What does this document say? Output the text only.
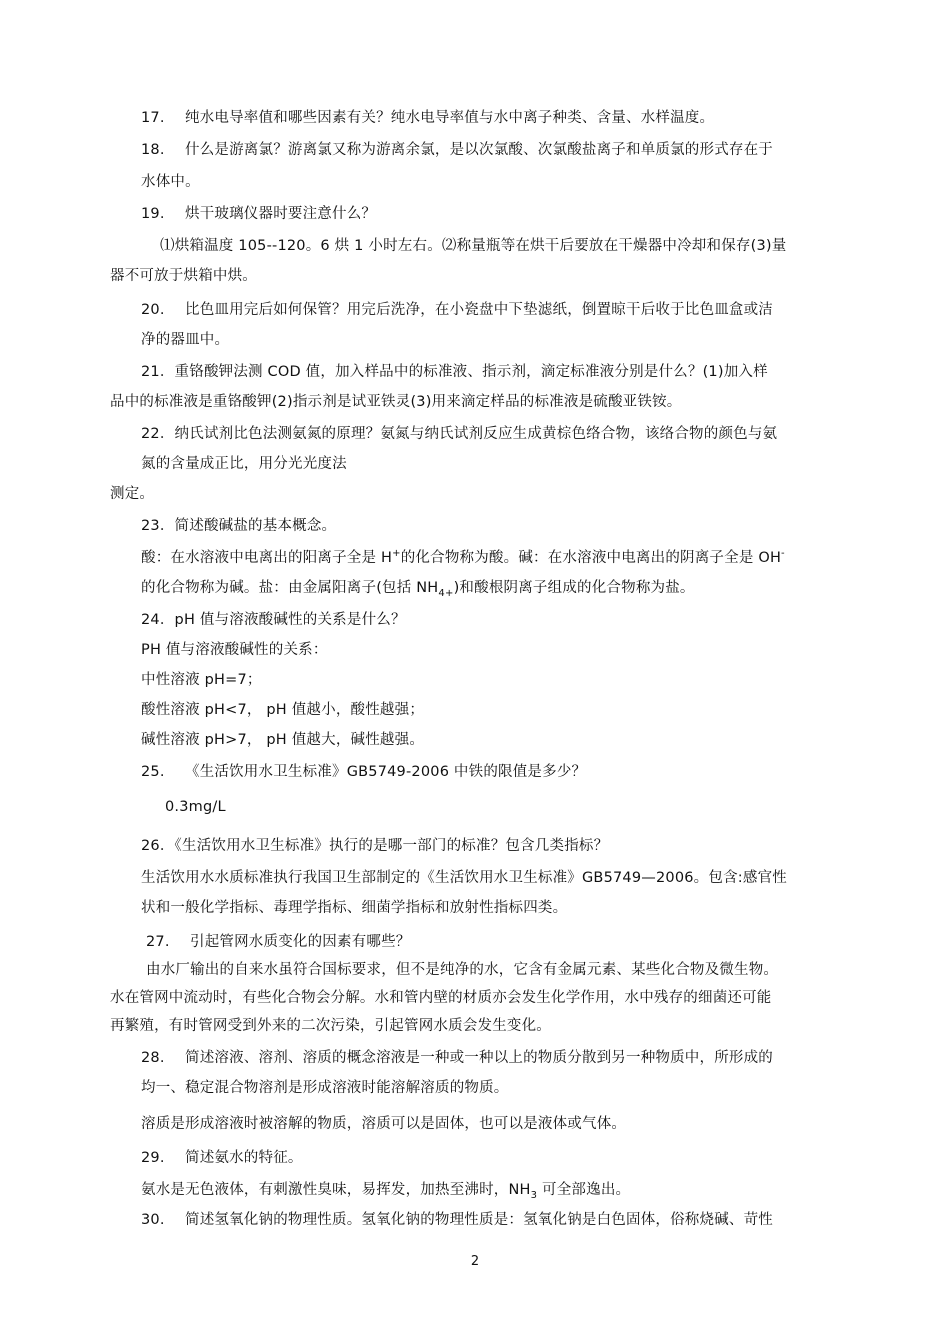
17. 纯水电导率值和哪些因素有关？纯水电导率值与水中离子种类、含量、水样温度。
18. 什么是游离氯？游离氯又称为游离余氯，是以次氯酸、次氯酸盐离子和单质氯的形式存在于
水体中。
19. 烘干玻璃仪器时要注意什么？
⑴烘箱温度 105--120。6 烘 1 小时左右。⑵称量瓶等在烘干后要放在干燥器中冷却和保存(3)量
器不可放于烘箱中烘。
20. 比色皿用完后如何保管？用完后洗净，在小瓷盘中下垫滤纸，倒置晾干后收于比色皿盒或洁
净的器皿中。
21．重铬酸钾法测 COD 值，加入样品中的标准液、指示剂，滴定标准液分别是什么？(1)加入样
品中的标准液是重铬酸钾(2)指示剂是试亚铁灵(3)用来滴定样品的标准液是硫酸亚铁铵。
22．纳氏试剂比色法测氨氮的原理？氨氮与纳氏试剂反应生成黄棕色络合物，该络合物的颜色与氨
氮的含量成正比，用分光光度法
测定。
23．简述酸碱盐的基本概念。
酸：在水溶液中电离出的阳离子全是 H+的化合物称为酸。碱：在水溶液中电离出的阴离子全是 OH-
的化合物称为碱。盐：由金属阳离子(包括 $NH_{4+}$)和酸根阴离子组成的化合物称为盐。
24．pH 值与溶液酸碱性的关系是什么？
PH 值与溶液酸碱性的关系：
中性溶液 pH=7；
酸性溶液 pH<7， pH 值越小，酸性越强；
碱性溶液 pH>7， pH 值越大，碱性越强。
25. 《生活饮用水卫生标准》GB5749-2006 中铁的限值是多少？
0.3mg/L
26．《生活饮用水卫生标准》执行的是哪一部门的标准？包含几类指标？
生活饮用水水质标准执行我国卫生部制定的《生活饮用水卫生标准》GB5749—2006。包含:感官性
状和一般化学指标、毒理学指标、细菌学指标和放射性指标四类。
27. 引起管网水质变化的因素有哪些？
由水厂输出的自来水虽符合国标要求，但不是纯净的水，它含有金属元素、某些化合物及微生物。
水在管网中流动时，有些化合物会分解。水和管内壁的材质亦会发生化学作用，水中残存的细菌还可能
再繁殖，有时管网受到外来的二次污染，引起管网水质会发生变化。
28. 简述溶液、溶剂、溶质的概念溶液是一种或一种以上的物质分散到另一种物质中，所形成的
均一、稳定混合物溶剂是形成溶液时能溶解溶质的物质。
溶质是形成溶液时被溶解的物质，溶质可以是固体，也可以是液体或气体。
29. 简述氨水的特征。
氨水是无色液体，有刺激性臭味，易挥发，加热至沸时，$NH_3$ 可全部逸出。
30. 简述氢氧化钠的物理性质。氢氧化钠的物理性质是：氢氧化钠是白色固体，俗称烧碱、苛性
2
